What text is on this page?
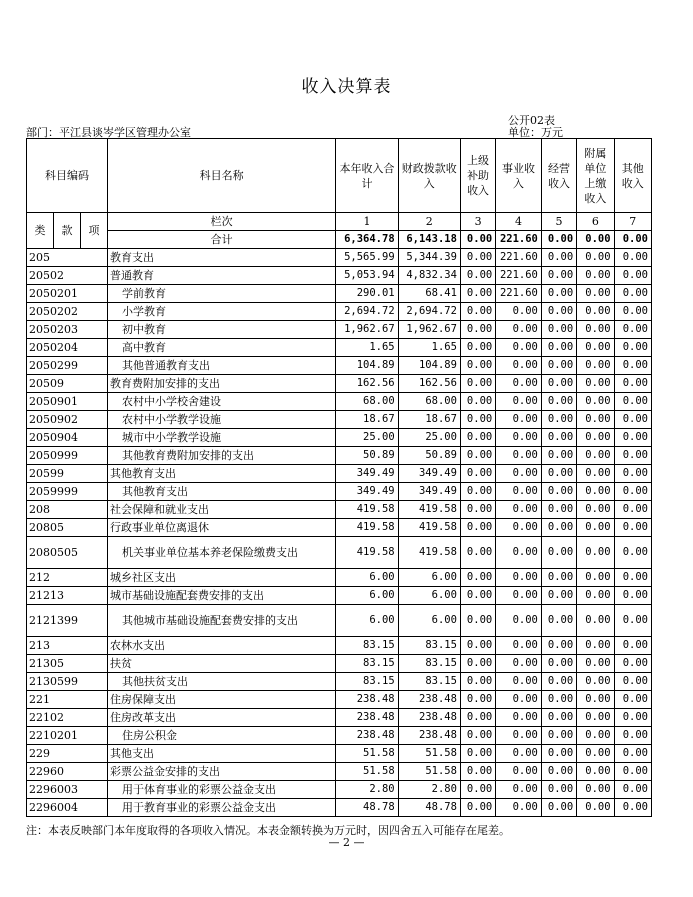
收入决算表
公开02表
部门：平江县谈岑学区管理办公室	单位：万元
科目编码			科目名称	本年收入合计	财政拨款收入	上级补助收入	事业收入	经营收入	附属单位上缴收入	其他收入
类	款	项	栏次	1	2	3	4	5	6	7
			合计	6,364.78	6,143.18	0.00	221.60	0.00	0.00	0.00
205			教育支出	5,565.99	5,344.39	0.00	221.60	0.00	0.00	0.00
20502			普通教育	5,053.94	4,832.34	0.00	221.60	0.00	0.00	0.00
2050201			学前教育	290.01	68.41	0.00	221.60	0.00	0.00	0.00
2050202			小学教育	2,694.72	2,694.72	0.00	0.00	0.00	0.00	0.00
2050203			初中教育	1,962.67	1,962.67	0.00	0.00	0.00	0.00	0.00
2050204			高中教育	1.65	1.65	0.00	0.00	0.00	0.00	0.00
2050299			其他普通教育支出	104.89	104.89	0.00	0.00	0.00	0.00	0.00
20509			教育费附加安排的支出	162.56	162.56	0.00	0.00	0.00	0.00	0.00
2050901			农村中小学校舍建设	68.00	68.00	0.00	0.00	0.00	0.00	0.00
2050902			农村中小学教学设施	18.67	18.67	0.00	0.00	0.00	0.00	0.00
2050904			城市中小学教学设施	25.00	25.00	0.00	0.00	0.00	0.00	0.00
2050999			其他教育费附加安排的支出	50.89	50.89	0.00	0.00	0.00	0.00	0.00
20599			其他教育支出	349.49	349.49	0.00	0.00	0.00	0.00	0.00
2059999			其他教育支出	349.49	349.49	0.00	0.00	0.00	0.00	0.00
208			社会保障和就业支出	419.58	419.58	0.00	0.00	0.00	0.00	0.00
20805			行政事业单位离退休	419.58	419.58	0.00	0.00	0.00	0.00	0.00
2080505			机关事业单位基本养老保险缴费支出	419.58	419.58	0.00	0.00	0.00	0.00	0.00
212			城乡社区支出	6.00	6.00	0.00	0.00	0.00	0.00	0.00
21213			城市基础设施配套费安排的支出	6.00	6.00	0.00	0.00	0.00	0.00	0.00
2121399			其他城市基础设施配套费安排的支出	6.00	6.00	0.00	0.00	0.00	0.00	0.00
213			农林水支出	83.15	83.15	0.00	0.00	0.00	0.00	0.00
21305			扶贫	83.15	83.15	0.00	0.00	0.00	0.00	0.00
2130599			其他扶贫支出	83.15	83.15	0.00	0.00	0.00	0.00	0.00
221			住房保障支出	238.48	238.48	0.00	0.00	0.00	0.00	0.00
22102			住房改革支出	238.48	238.48	0.00	0.00	0.00	0.00	0.00
2210201			住房公积金	238.48	238.48	0.00	0.00	0.00	0.00	0.00
229			其他支出	51.58	51.58	0.00	0.00	0.00	0.00	0.00
22960			彩票公益金安排的支出	51.58	51.58	0.00	0.00	0.00	0.00	0.00
2296003			用于体育事业的彩票公益金支出	2.80	2.80	0.00	0.00	0.00	0.00	0.00
2296004			用于教育事业的彩票公益金支出	48.78	48.78	0.00	0.00	0.00	0.00	0.00
注：本表反映部门本年度取得的各项收入情况。本表金额转换为万元时，因四舍五入可能存在尾差。
— 2 —
